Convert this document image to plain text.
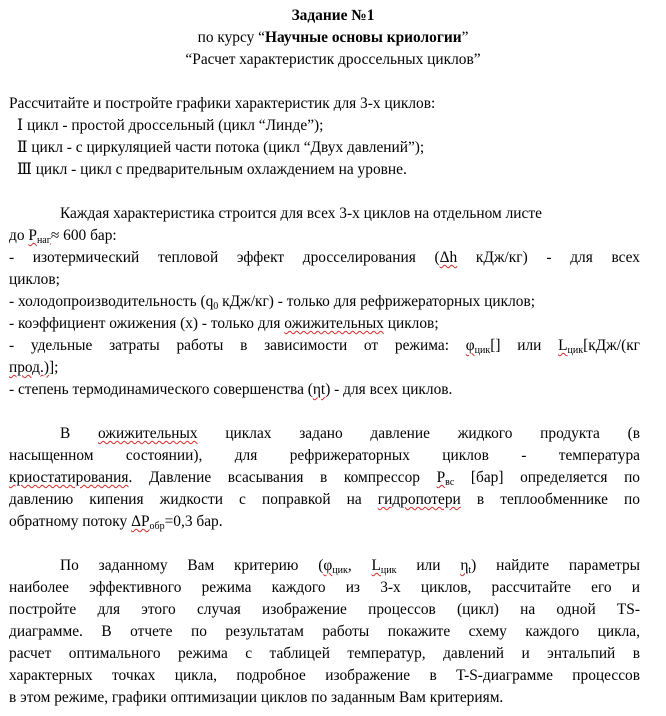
Задание №1
по курсу “Научные основы криологии”
“Расчет характеристик дроссельных циклов”
Рассчитайте и постройте графики характеристик для 3-х циклов:
Ⅰ цикл - простой дроссельный (цикл “Линде”);
Ⅱ цикл - с циркуляцией части потока (цикл “Двух давлений”);
Ⅲ цикл - цикл с предварительным охлаждением на уровне.
Каждая характеристика строится для всех 3-х циклов на отдельном листе
до $P_{наг}\approx 600$ бар:
- изотермический тепловой эффект дросселирования (Δh кДж/кг) - для всех
циклов;
- холодопроизводительность ($q_0$ кДж/кг) - только для рефрижераторных циклов;
- коэффициент ожижения (x) - только для ожижительных циклов;
- удельные затраты работы в зависимости от режима: $\varphi_{цик}[]$ или $L_{цик}[кДж/(кг$
прод.)];
- степень термодинамического совершенства (ηt) - для всех циклов.
В ожижительных циклах задано давление жидкого продукта (в
насыщенном состоянии), для рефрижераторных циклов - температура
криостатирования. Давление всасывания в компрессор $P_{вс}$ [бар] определяется по
давлению кипения жидкости с поправкой на гидропотери в теплообменнике по
обратному потоку $\Delta P_{обр}=0,3$ бар.
По заданному Вам критерию ($\varphi_{цик}$, $L_{цик}$ или $\eta_t$) найдите параметры
наиболее эффективного режима каждого из 3-х циклов, рассчитайте его и
постройте для этого случая изображение процессов (цикл) на одной TS-
диаграмме. В отчете по результатам работы покажите схему каждого цикла,
расчет оптимального режима с таблицей температур, давлений и энтальпий в
характерных точках цикла, подробное изображение в T-S-диаграмме процессов
в этом режиме, графики оптимизации циклов по заданным Вам критериям.
